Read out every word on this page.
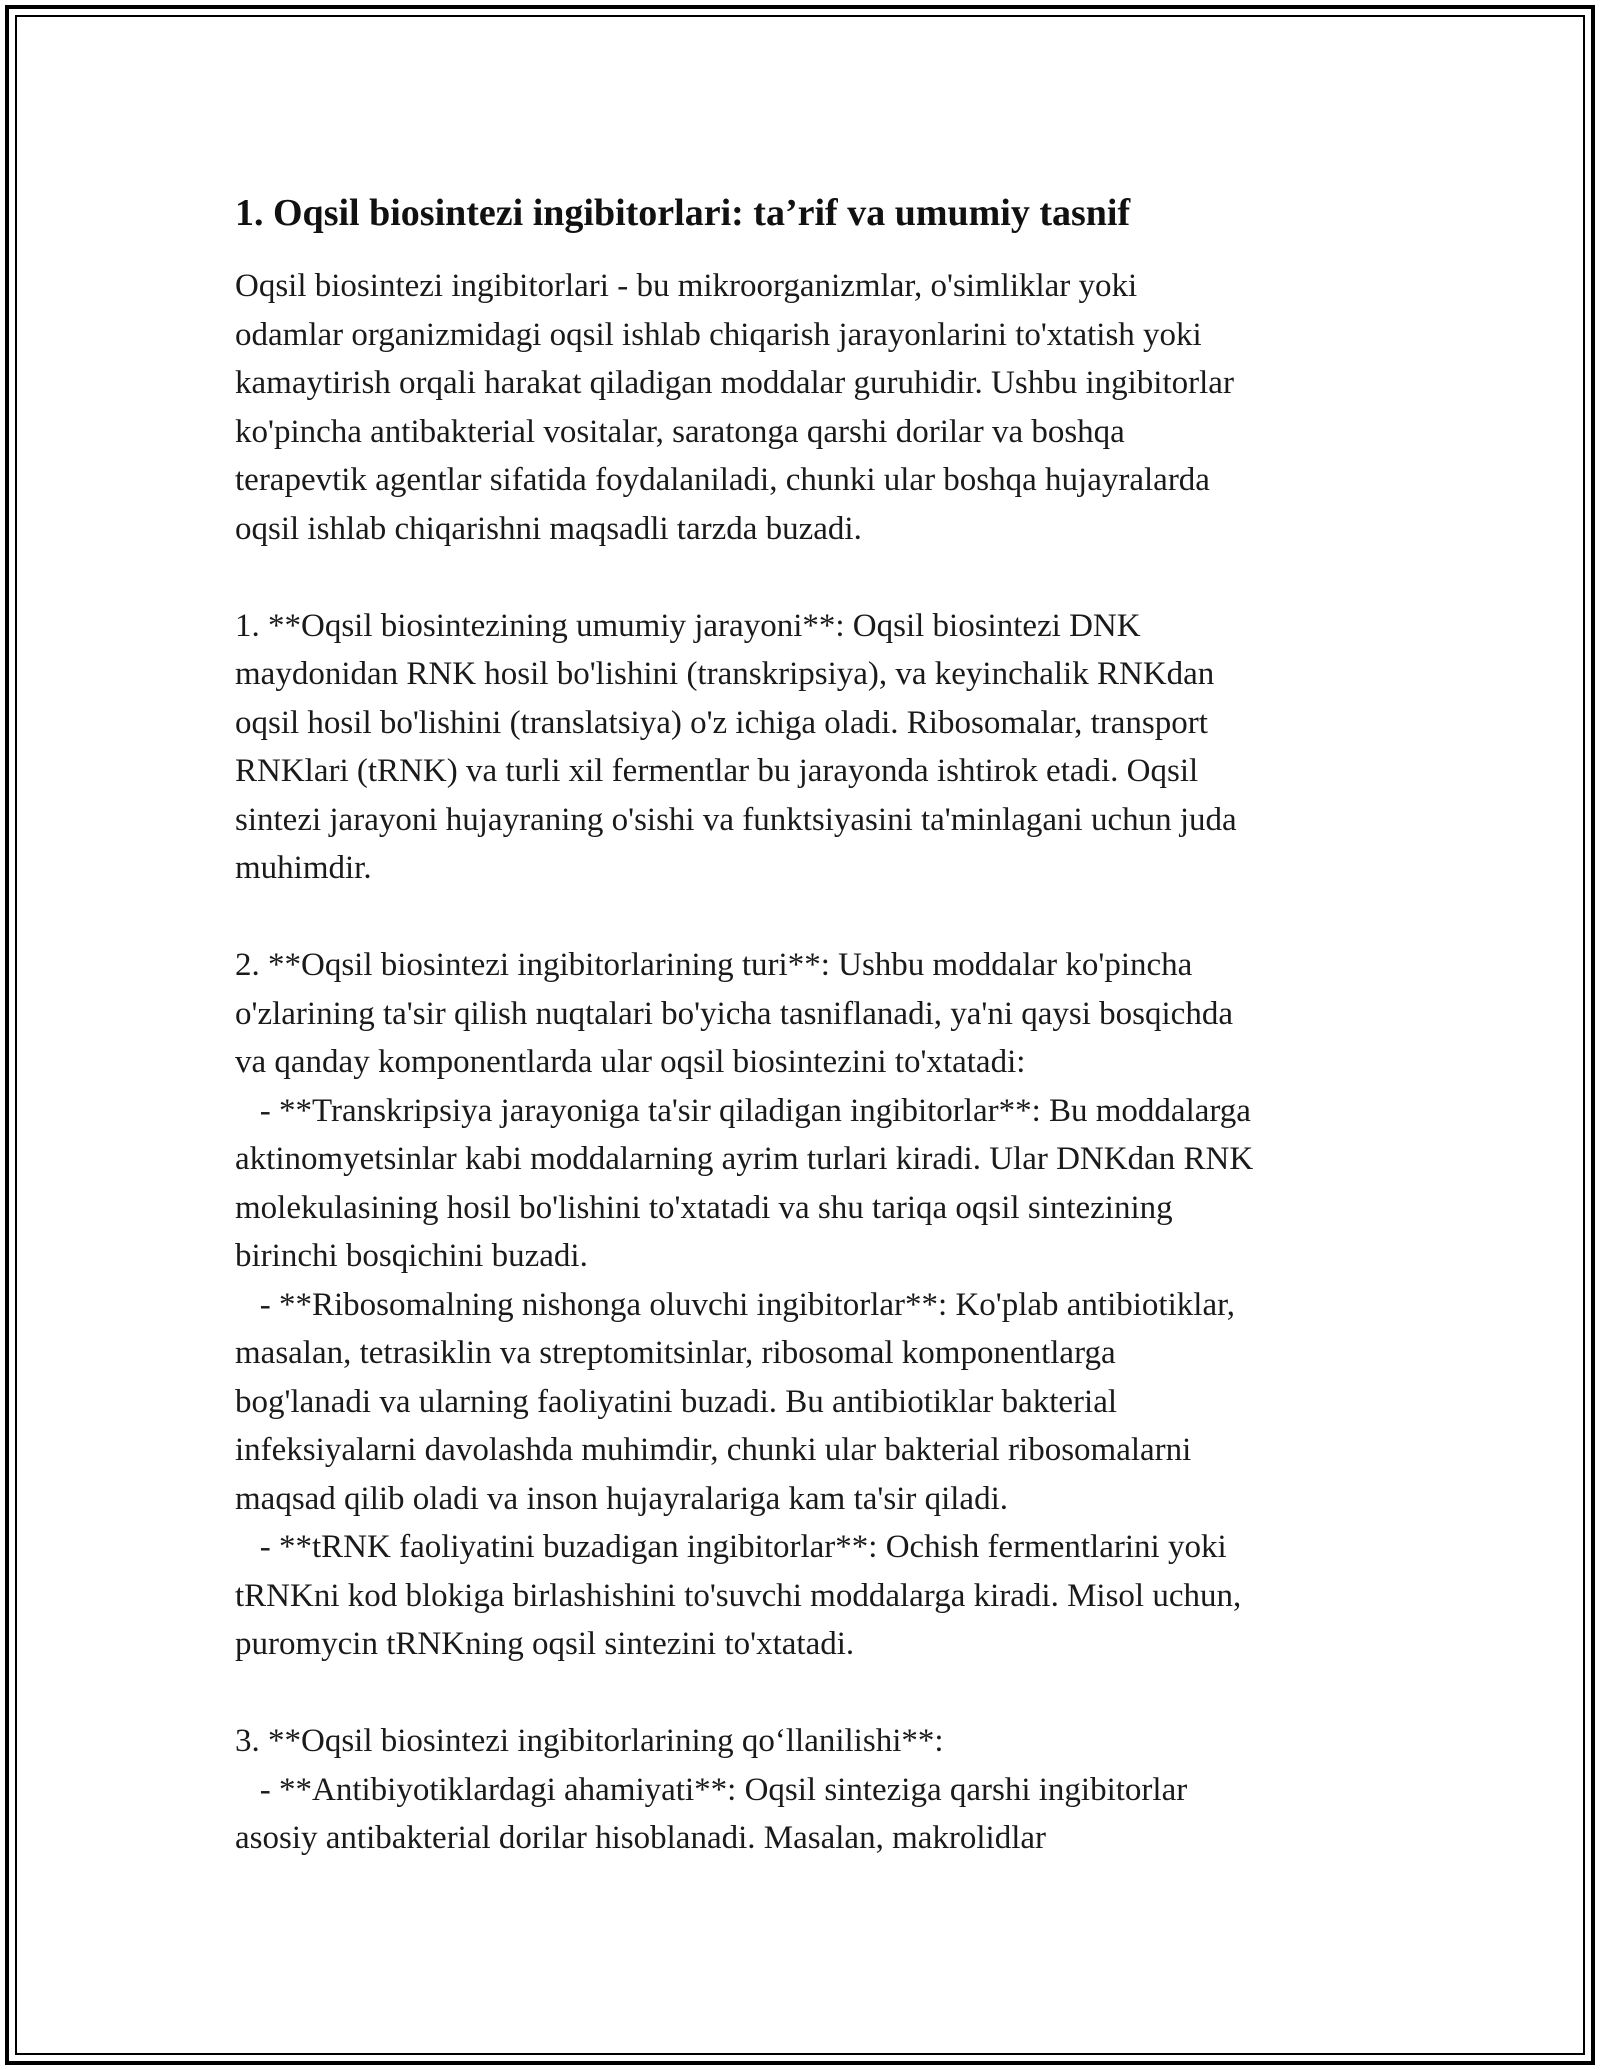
1. Oqsil biosintezi ingibitorlari: ta’rif va umumiy tasnif

Oqsil biosintezi ingibitorlari - bu mikroorganizmlar, o'simliklar yoki
odamlar organizmidagi oqsil ishlab chiqarish jarayonlarini to'xtatish yoki
kamaytirish orqali harakat qiladigan moddalar guruhidir. Ushbu ingibitorlar
ko'pincha antibakterial vositalar, saratonga qarshi dorilar va boshqa
terapevtik agentlar sifatida foydalaniladi, chunki ular boshqa hujayralarda
oqsil ishlab chiqarishni maqsadli tarzda buzadi.

1. **Oqsil biosintezining umumiy jarayoni**: Oqsil biosintezi DNK
maydonidan RNK hosil bo'lishini (transkripsiya), va keyinchalik RNKdan
oqsil hosil bo'lishini (translatsiya) o'z ichiga oladi. Ribosomalar, transport
RNKlari (tRNK) va turli xil fermentlar bu jarayonda ishtirok etadi. Oqsil
sintezi jarayoni hujayraning o'sishi va funktsiyasini ta'minlagani uchun juda
muhimdir.

2. **Oqsil biosintezi ingibitorlarining turi**: Ushbu moddalar ko'pincha
o'zlarining ta'sir qilish nuqtalari bo'yicha tasniflanadi, ya'ni qaysi bosqichda
va qanday komponentlarda ular oqsil biosintezini to'xtatadi:
- **Transkripsiya jarayoniga ta'sir qiladigan ingibitorlar**: Bu moddalarga
aktinomyetsinlar kabi moddalarning ayrim turlari kiradi. Ular DNKdan RNK
molekulasining hosil bo'lishini to'xtatadi va shu tariqa oqsil sintezining
birinchi bosqichini buzadi.
- **Ribosomalning nishonga oluvchi ingibitorlar**: Ko'plab antibiotiklar,
masalan, tetrasiklin va streptomitsinlar, ribosomal komponentlarga
bog'lanadi va ularning faoliyatini buzadi. Bu antibiotiklar bakterial
infeksiyalarni davolashda muhimdir, chunki ular bakterial ribosomalarni
maqsad qilib oladi va inson hujayralariga kam ta'sir qiladi.
- **tRNK faoliyatini buzadigan ingibitorlar**: Ochish fermentlarini yoki
tRNKni kod blokiga birlashishini to'suvchi moddalarga kiradi. Misol uchun,
puromycin tRNKning oqsil sintezini to'xtatadi.

3. **Oqsil biosintezi ingibitorlarining qo‘llanilishi**:
- **Antibiyotiklardagi ahamiyati**: Oqsil sinteziga qarshi ingibitorlar
asosiy antibakterial dorilar hisoblanadi. Masalan, makrolidlar
